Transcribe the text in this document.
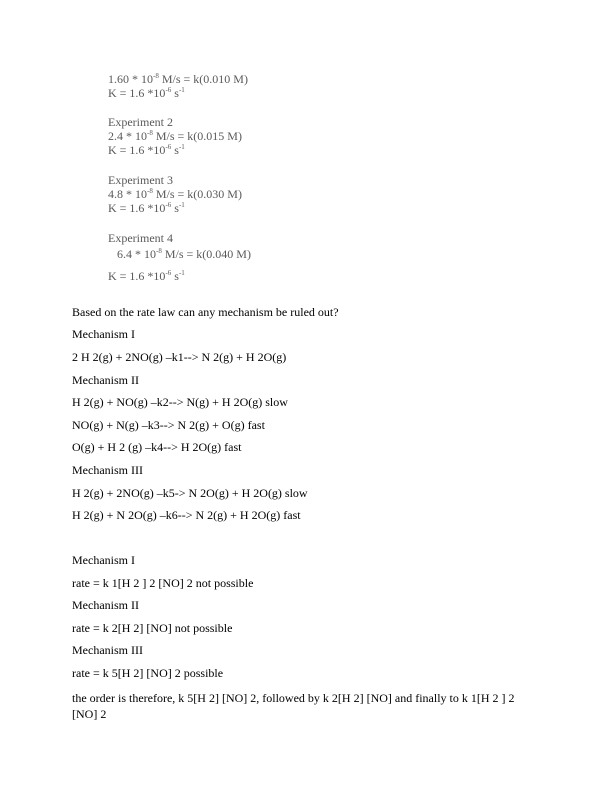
$1.60 * 10^{-8}$ M/s = k(0.010 M)
K = 1.6 $*10^{-6}$ $s^{-1}$
Experiment 2
$2.4 * 10^{-8}$ M/s = k(0.015 M)
K = 1.6 $*10^{-6}$ $s^{-1}$
Experiment 3
$4.8 * 10^{-8}$ M/s = k(0.030 M)
K = 1.6 $*10^{-6}$ $s^{-1}$
Experiment 4
$6.4 * 10^{-8}$ M/s = k(0.040 M)
K = 1.6 $*10^{-6}$ $s^{-1}$
Based on the rate law can any mechanism be ruled out?
Mechanism I
2 H 2(g) + 2NO(g) –k1--> N 2(g) + H 2O(g)
Mechanism II
H 2(g) + NO(g) –k2--> N(g) + H 2O(g) slow
NO(g) + N(g) –k3--> N 2(g) + O(g) fast
O(g) + H 2 (g) –k4--> H 2O(g) fast
Mechanism III
H 2(g) + 2NO(g) –k5-> N 2O(g) + H 2O(g) slow
H 2(g) + N 2O(g) –k6--> N 2(g) + H 2O(g) fast
Mechanism I
rate = k 1[H 2 ] 2 [NO] 2 not possible
Mechanism II
rate = k 2[H 2] [NO] not possible
Mechanism III
rate = k 5[H 2] [NO] 2 possible
the order is therefore, k 5[H 2] [NO] 2, followed by k 2[H 2] [NO] and finally to k 1[H 2 ] 2 [NO] 2
